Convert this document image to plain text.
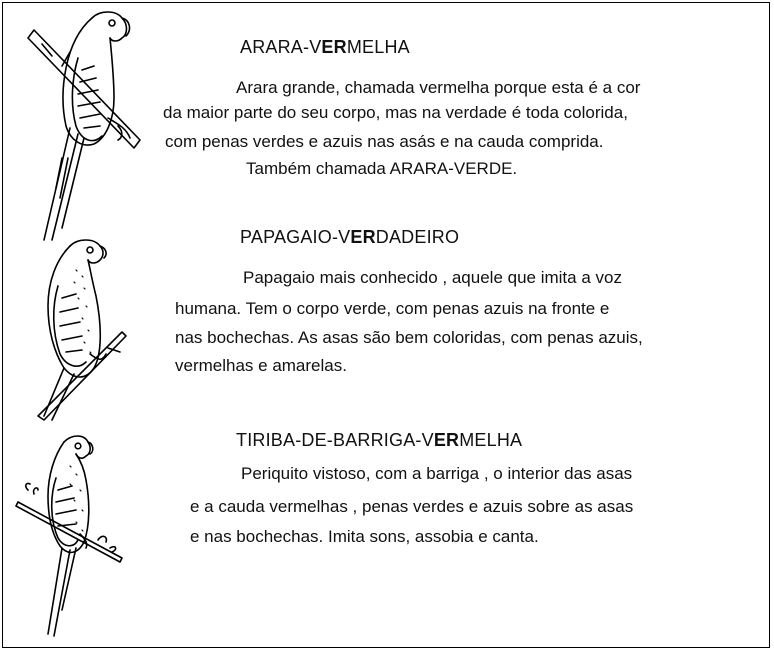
ARARA-VERMELHA
Arara grande, chamada vermelha porque esta é a cor
da maior parte do seu corpo, mas na verdade é toda colorida,
com penas verdes e azuis nas asás e na cauda comprida.
Também chamada ARARA-VERDE.
PAPAGAIO-VERDADEIRO
Papagaio mais conhecido , aquele que imita a voz
humana. Tem o corpo verde, com penas azuis na fronte e
nas bochechas. As asas são bem coloridas, com penas azuis,
vermelhas e amarelas.
TIRIBA-DE-BARRIGA-VERMELHA
Periquito vistoso, com a barriga , o interior das asas
e a cauda vermelhas , penas verdes e azuis sobre as asas
e nas bochechas. Imita sons, assobia e canta.
